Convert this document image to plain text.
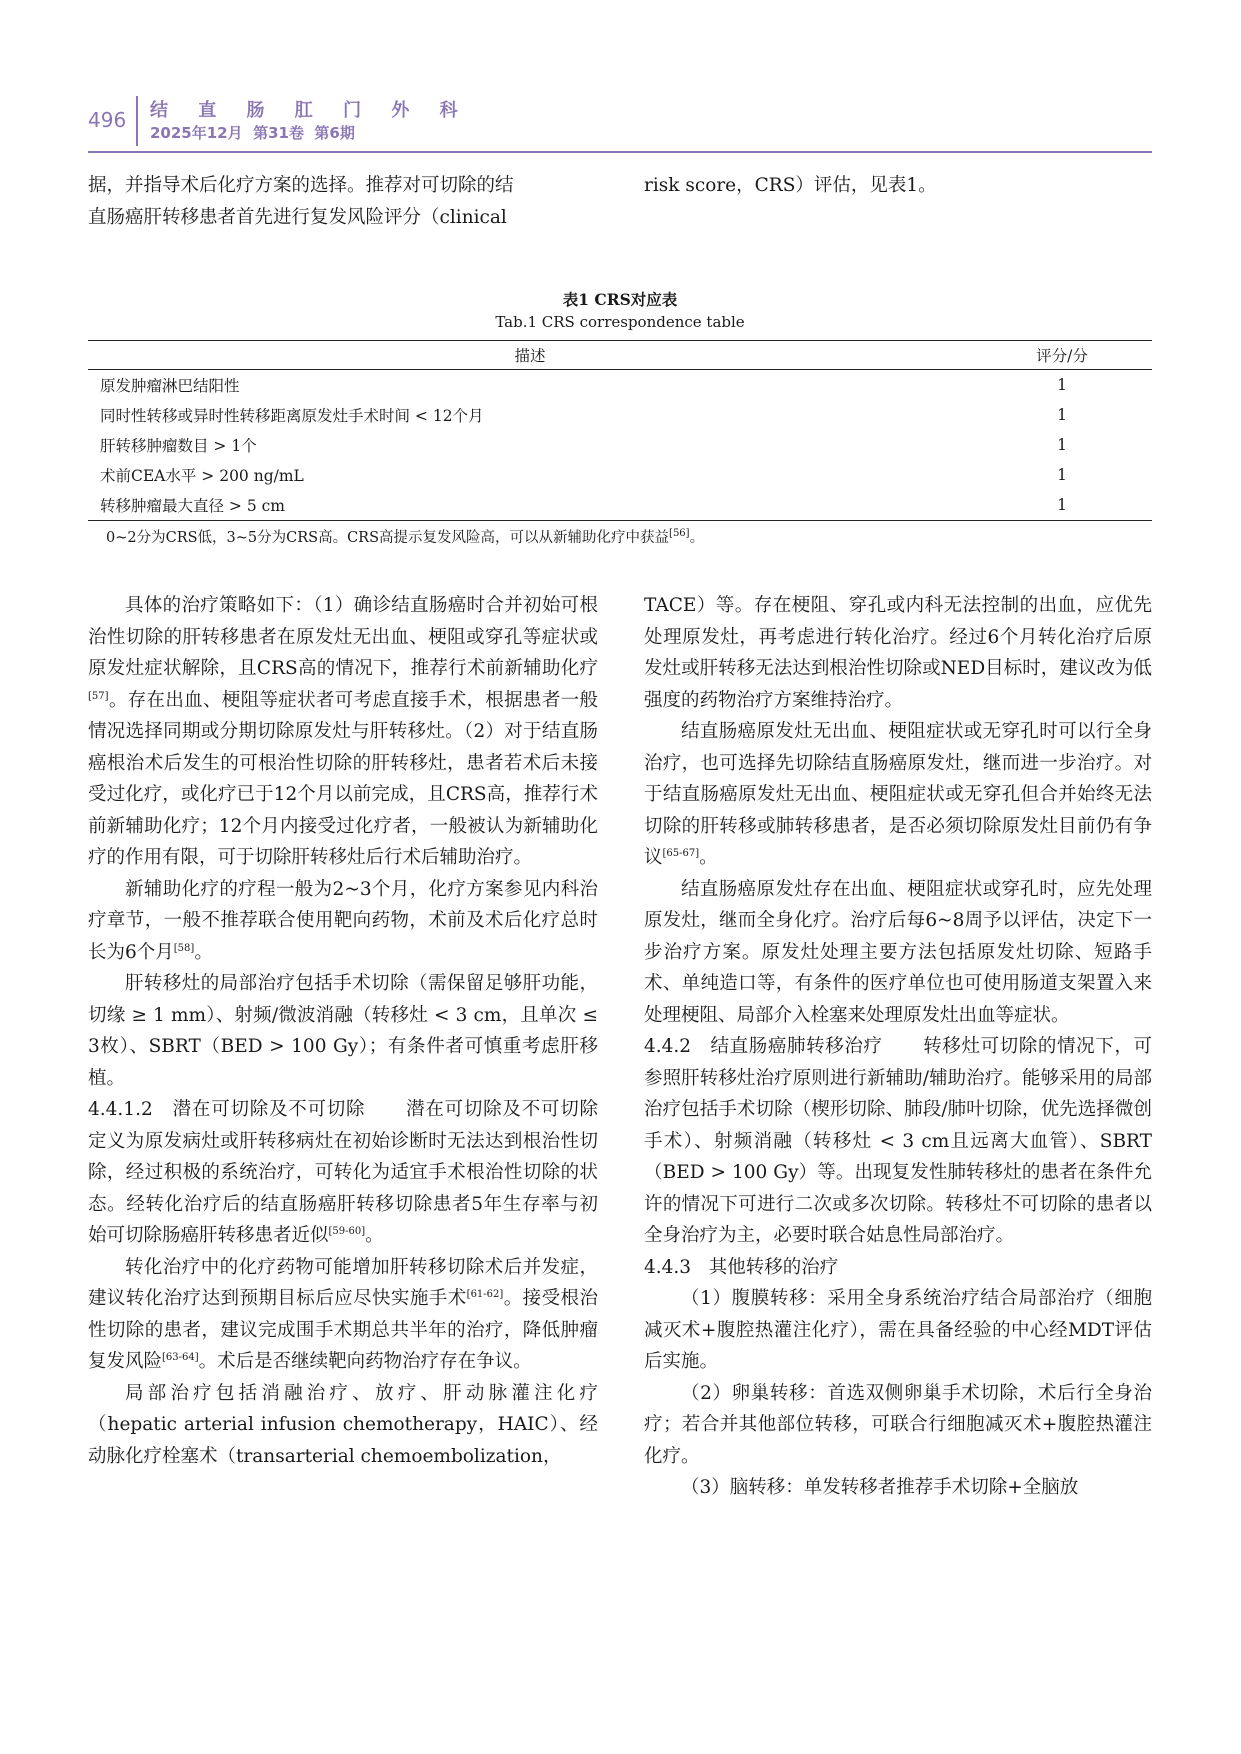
496 结 直 肠 肛 门 外 科
2025年12月  第31卷  第6期
据，并指导术后化疗方案的选择。推荐对可切除的结
直肠癌肝转移患者首先进行复发风险评分（clinical
risk score，CRS）评估，见表1。
表1 CRS对应表
Tab.1 CRS correspondence table
描述	评分/分
原发肿瘤淋巴结阳性	1
同时性转移或异时性转移距离原发灶手术时间 < 12个月	1
肝转移肿瘤数目 > 1个	1
术前CEA水平 > 200 ng/mL	1
转移肿瘤最大直径 > 5 cm	1
0~2分为CRS低，3~5分为CRS高。CRS高提示复发风险高，可以从新辅助化疗中获益[56]。

具体的治疗策略如下：（1）确诊结直肠癌时合并初始可根治性切除的肝转移患者在原发灶无出血、梗阻或穿孔等症状或原发灶症状解除，且CRS高的情况下，推荐行术前新辅助化疗[57]。存在出血、梗阻等症状者可考虑直接手术，根据患者一般情况选择同期或分期切除原发灶与肝转移灶。（2）对于结直肠癌根治术后发生的可根治性切除的肝转移灶，患者若术后未接受过化疗，或化疗已于12个月以前完成，且CRS高，推荐行术前新辅助化疗；12个月内接受过化疗者，一般被认为新辅助化疗的作用有限，可于切除肝转移灶后行术后辅助治疗。

新辅助化疗的疗程一般为2~3个月，化疗方案参见内科治疗章节，一般不推荐联合使用靶向药物，术前及术后化疗总时长为6个月[58]。

肝转移灶的局部治疗包括手术切除（需保留足够肝功能，切缘 ≥ 1 mm）、射频/微波消融（转移灶 < 3 cm，且单次 ≤ 3枚）、SBRT（BED > 100 Gy）；有条件者可慎重考虑肝移植。

4.4.1.2   潜在可切除及不可切除 潜在可切除及不可切除定义为原发病灶或肝转移病灶在初始诊断时无法达到根治性切除，经过积极的系统治疗，可转化为适宜手术根治性切除的状态。经转化治疗后的结直肠癌肝转移切除患者5年生存率与初始可切除肠癌肝转移患者近似[59-60]。

转化治疗中的化疗药物可能增加肝转移切除术后并发症，建议转化治疗达到预期目标后应尽快实施手术[61-62]。接受根治性切除的患者，建议完成围手术期总共半年的治疗，降低肿瘤复发风险[63-64]。术后是否继续靶向药物治疗存在争议。

局部治疗包括消融治疗、放疗、肝动脉灌注化疗（hepatic arterial infusion chemotherapy，HAIC）、经动脉化疗栓塞术（transarterial chemoembolization，

TACE）等。存在梗阻、穿孔或内科无法控制的出血，应优先处理原发灶，再考虑进行转化治疗。经过6个月转化治疗后原发灶或肝转移无法达到根治性切除或NED目标时，建议改为低强度的药物治疗方案维持治疗。

结直肠癌原发灶无出血、梗阻症状或无穿孔时可以行全身治疗，也可选择先切除结直肠癌原发灶，继而进一步治疗。对于结直肠癌原发灶无出血、梗阻症状或无穿孔但合并始终无法切除的肝转移或肺转移患者，是否必须切除原发灶目前仍有争议[65-67]。

结直肠癌原发灶存在出血、梗阻症状或穿孔时，应先处理原发灶，继而全身化疗。治疗后每6~8周予以评估，决定下一步治疗方案。原发灶处理主要方法包括原发灶切除、短路手术、单纯造口等，有条件的医疗单位也可使用肠道支架置入来处理梗阻、局部介入栓塞来处理原发灶出血等症状。

4.4.2   结直肠癌肺转移治疗 转移灶可切除的情况下，可参照肝转移灶治疗原则进行新辅助/辅助治疗。能够采用的局部治疗包括手术切除（楔形切除、肺段/肺叶切除，优先选择微创手术）、射频消融（转移灶 < 3 cm且远离大血管）、SBRT（BED > 100 Gy）等。出现复发性肺转移灶的患者在条件允许的情况下可进行二次或多次切除。转移灶不可切除的患者以全身治疗为主，必要时联合姑息性局部治疗。

4.4.3   其他转移的治疗

（1）腹膜转移：采用全身系统治疗结合局部治疗（细胞减灭术+腹腔热灌注化疗），需在具备经验的中心经MDT评估后实施。

（2）卵巢转移：首选双侧卵巢手术切除，术后行全身治疗；若合并其他部位转移，可联合行细胞减灭术+腹腔热灌注化疗。

（3）脑转移：单发转移者推荐手术切除+全脑放
